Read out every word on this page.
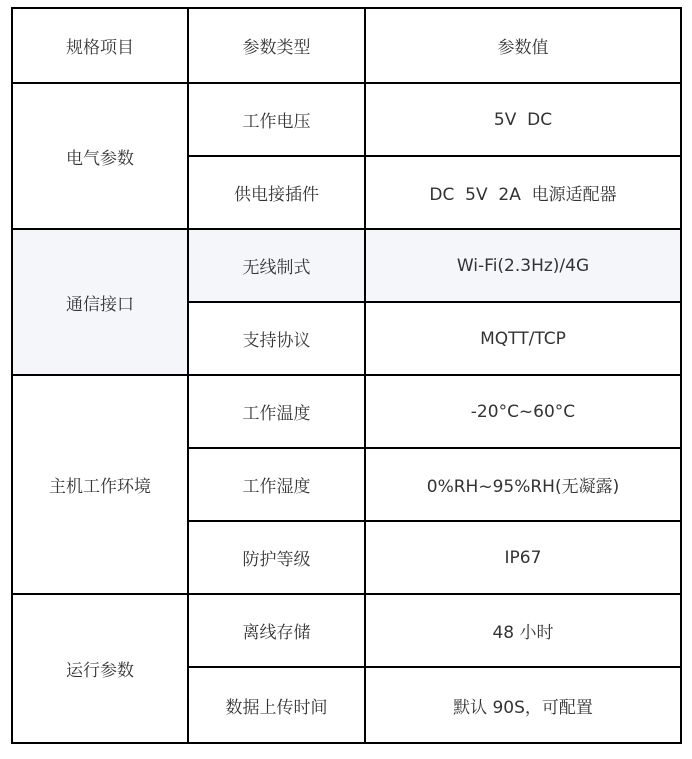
规格项目	参数类型	参数值
电气参数	工作电压	5V  DC
	供电接插件	DC  5V  2A  电源适配器
通信接口	无线制式	Wi-Fi(2.3Hz)/4G
	支持协议	MQTT/TCP
主机工作环境	工作温度	-20°C~60°C
	工作湿度	0%RH~95%RH(无凝露)
	防护等级	IP67
运行参数	离线存储	48 小时
	数据上传时间	默认 90S，可配置
